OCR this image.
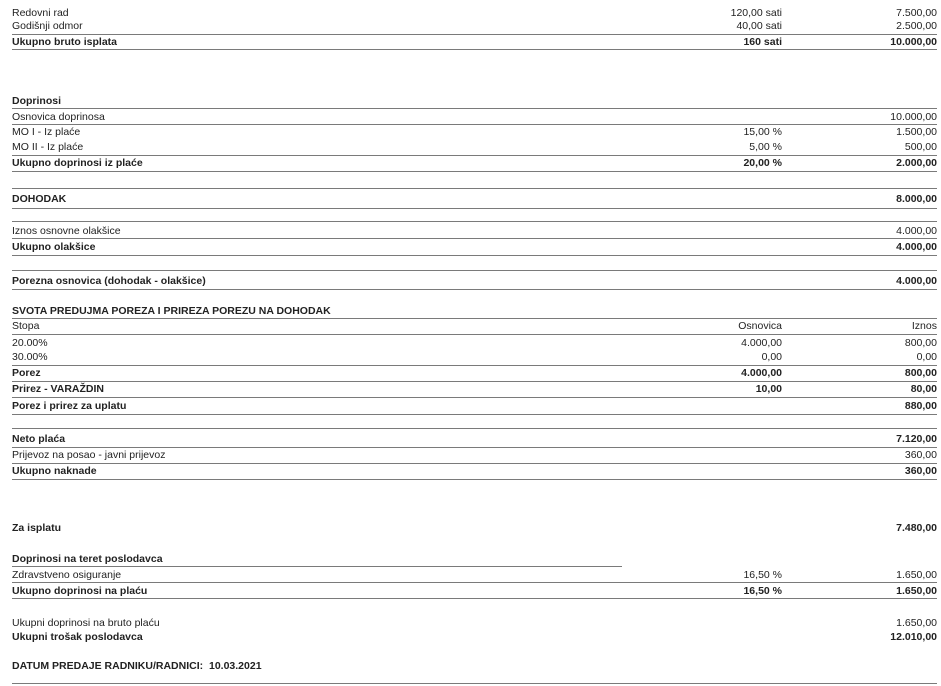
Redovni rad	120,00 sati	7.500,00
Godišnji odmor	40,00 sati	2.500,00
Ukupno bruto isplata	160 sati	10.000,00
Doprinosi
Osnovica doprinosa	10.000,00
MO I - Iz plaće	15,00 %	1.500,00
MO II - Iz plaće	5,00 %	500,00
Ukupno doprinosi iz plaće	20,00 %	2.000,00
DOHODAK	8.000,00
Iznos osnovne olakšice	4.000,00
Ukupno olakšice	4.000,00
Porezna osnovica (dohodak - olakšice)	4.000,00
SVOTA PREDUJMA POREZA I PRIREZA POREZU NA DOHODAK
Stopa	Osnovica	Iznos
20.00%	4.000,00	800,00
30.00%	0,00	0,00
Porez	4.000,00	800,00
Prirez - VARAŽDIN	10,00	80,00
Porez i prirez za uplatu	880,00
Neto plaća	7.120,00
Prijevoz na posao - javni prijevoz	360,00
Ukupno naknade	360,00
Za isplatu	7.480,00
Doprinosi na teret poslodavca
Zdravstveno osiguranje	16,50 %	1.650,00
Ukupno doprinosi na plaću	16,50 %	1.650,00
Ukupni doprinosi na bruto plaću	1.650,00
Ukupni trošak poslodavca	12.010,00
DATUM PREDAJE RADNIKU/RADNICI: 10.03.2021
